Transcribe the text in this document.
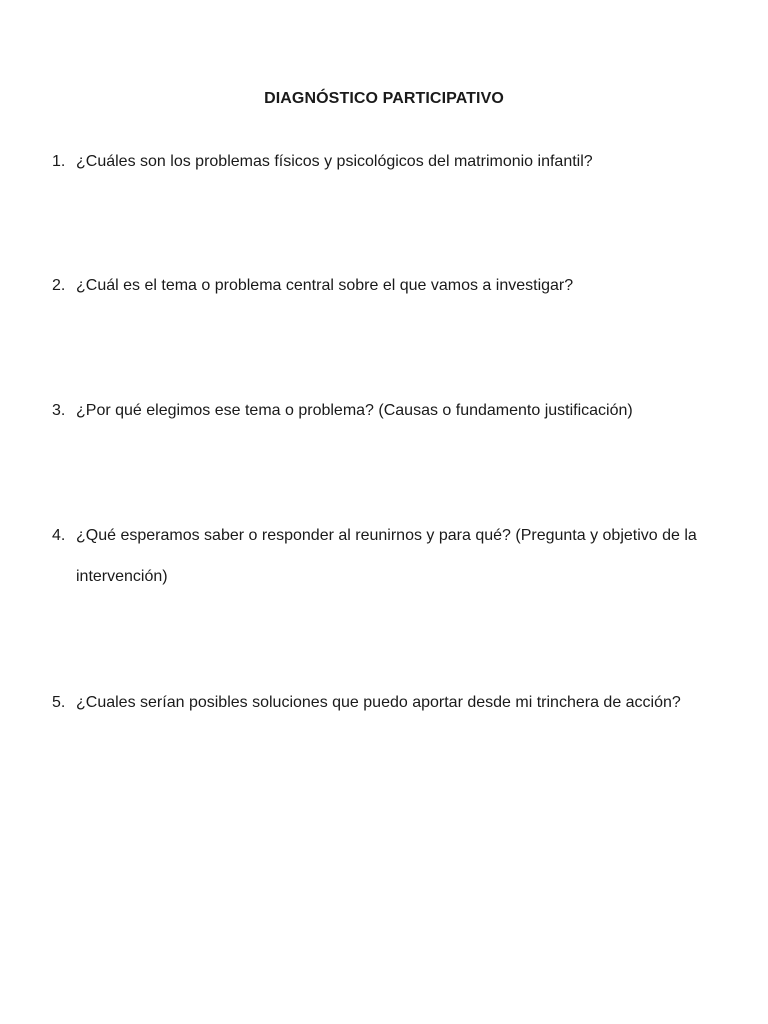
DIAGNÓSTICO PARTICIPATIVO
1. ¿Cuáles son los problemas físicos y psicológicos del matrimonio infantil?
2. ¿Cuál es el tema o problema central sobre el que vamos a investigar?
3. ¿Por qué elegimos ese tema o problema? (Causas o fundamento justificación)
4. ¿Qué esperamos saber o responder al reunirnos y para qué? (Pregunta y objetivo de la intervención)
5. ¿Cuales serían posibles soluciones que puedo aportar desde mi trinchera de acción?
